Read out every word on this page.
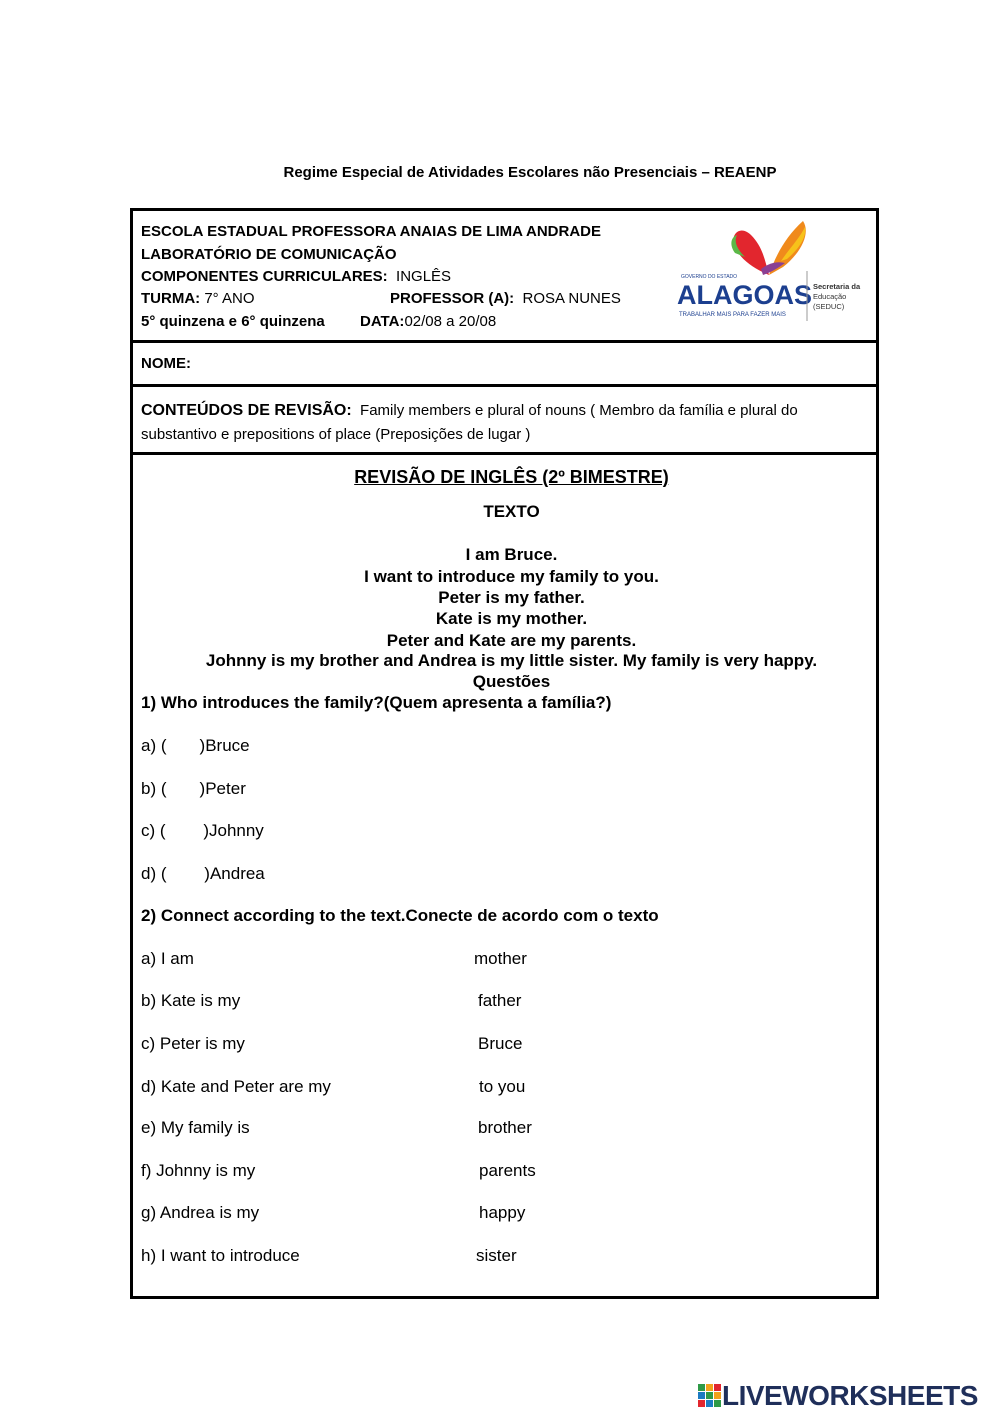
Regime Especial de Atividades Escolares não Presenciais – REAENP
ESCOLA ESTADUAL PROFESSORA ANAIAS DE LIMA ANDRADE
LABORATÓRIO DE COMUNICAÇÃO
COMPONENTES CURRICULARES: INGLÊS
TURMA: 7° ANO	PROFESSOR (A): ROSA NUNES
5° quinzena e 6° quinzena DATA:02/08 a 20/08
GOVERNO DO ESTADO
ALAGOAS
TRABALHAR MAIS PARA FAZER MAIS
Secretaria da
Educação
(SEDUC)
NOME:
CONTEÚDOS DE REVISÃO: Family members e plural of nouns ( Membro da família e plural do substantivo e prepositions of place (Preposições de lugar )
REVISÃO DE INGLÊS (2º BIMESTRE)
TEXTO
I am Bruce.
I want to introduce my family to you.
Peter is my father.
Kate is my mother.
Peter and Kate are my parents.
Johnny is my brother and Andrea is my little sister. My family is very happy.
Questões
1) Who introduces the family?(Quem apresenta a família?)
a) (       )Bruce
b) (       )Peter
c) (        )Johnny
d) (        )Andrea
2) Connect according to the text.Conecte de acordo com o texto
a) I am	mother
b) Kate is my	father
c) Peter is my	Bruce
d) Kate and Peter are my	to you
e) My family is	brother
f) Johnny is my	parents
g) Andrea is my	happy
h) I want to introduce	sister
LIVEWORKSHEETS
